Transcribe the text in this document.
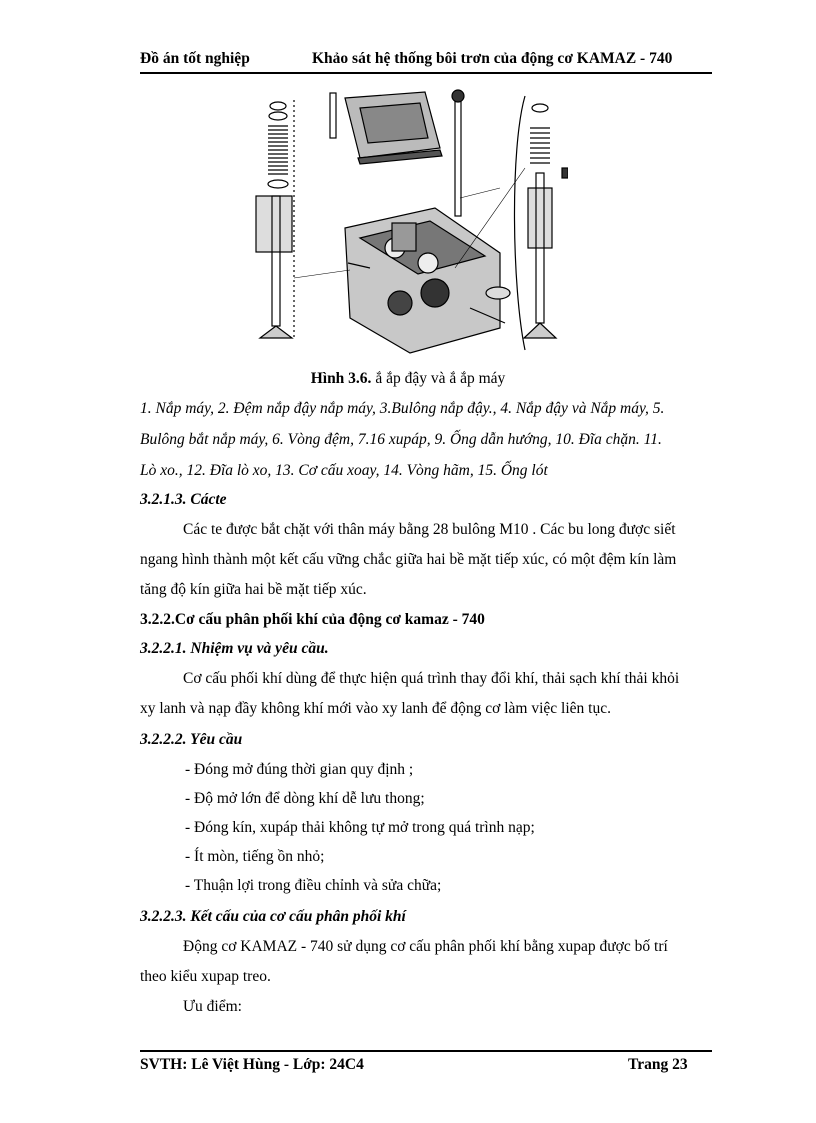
Đồ án tốt nghiệp	Khảo sát hệ thống bôi trơn của động cơ KAMAZ - 740
Hình 3.6. ắ ắp đậy và ắ ắp máy
1. Nắp máy, 2. Đệm nắp đậy nắp máy, 3.Bulông nắp đậy., 4. Nắp đậy và Nắp máy, 5.
Bulông bắt nắp máy, 6. Vòng đệm, 7.16 xupáp, 9. Ống dẫn hướng, 10. Đĩa chặn. 11.
Lò xo., 12. Đĩa lò xo, 13. Cơ cấu xoay, 14. Vòng hãm, 15. Ống lót
3.2.1.3. Cácte
Các te được bắt chặt với thân máy bằng 28 bulông M10 . Các bu long được siết
ngang hình thành một kết cấu vững chắc giữa hai bề mặt tiếp xúc, có một đệm kín làm
tăng độ kín giữa hai bề mặt tiếp xúc.
3.2.2.Cơ cấu phân phối khí của động cơ kamaz - 740
3.2.2.1. Nhiệm vụ và yêu cầu.
Cơ cấu phối khí dùng để thực hiện quá trình thay đổi khí, thải sạch khí thải khỏi
xy lanh và nạp đầy không khí mới vào xy lanh để động cơ làm việc liên tục.
3.2.2.2. Yêu cầu
- Đóng mở đúng thời gian quy định ;
- Độ mở lớn để dòng khí dễ lưu thong;
- Đóng kín, xupáp thải không tự mở trong quá trình nạp;
- Ít mòn, tiếng ồn nhỏ;
- Thuận lợi trong điều chỉnh và sửa chữa;
3.2.2.3. Kết cấu của cơ cấu phân phối khí
Động cơ KAMAZ - 740 sử dụng cơ cấu phân phối khí bằng xupap được bố trí
theo kiểu xupap treo.
Ưu điểm:
SVTH: Lê Việt Hùng - Lớp: 24C4	Trang 23
